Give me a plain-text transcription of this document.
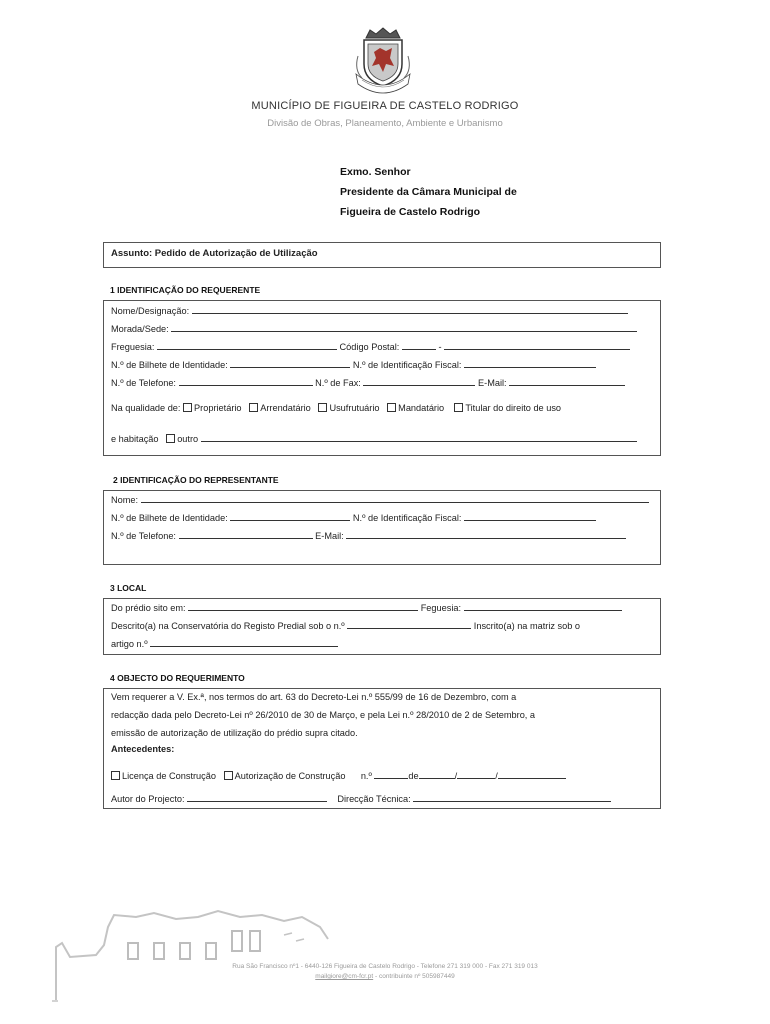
MUNICÍPIO DE FIGUEIRA DE CASTELO RODRIGO
Divisão de Obras, Planeamento, Ambiente e Urbanismo
Exmo. Senhor
Presidente da Câmara Municipal de
Figueira de Castelo Rodrigo
Assunto: Pedido de Autorização de Utilização
1 IDENTIFICAÇÃO DO REQUERENTE
Nome/Designação:
Morada/Sede:
Freguesia:	Código Postal:	-
N.º de Bilhete de Identidade:	N.º de Identificação Fiscal:
N.º de Telefone:	N.º de Fax:	E-Mail:
Na qualidade de: Proprietário Arrendatário Usufrutuário Mandatário Titular do direito de uso
e habitação outro
2 IDENTIFICAÇÃO DO REPRESENTANTE
Nome:
N.º de Bilhete de Identidade:	N.º de Identificação Fiscal:
N.º de Telefone:	E-Mail:
3 LOCAL
Do prédio sito em:	Feguesia:
Descrito(a) na Conservatória do Registo Predial sob o n.º	Inscrito(a) na matriz sob o
artigo n.º
4 OBJECTO DO REQUERIMENTO
Vem requerer a V. Ex.ª, nos termos do art. 63 do Decreto-Lei n.º 555/99 de 16 de Dezembro, com a
redacção dada pelo Decreto-Lei nº 26/2010 de 30 de Março, e pela Lei n.º 28/2010 de 2 de Setembro, a
emissão de autorização de utilização do prédio supra citado.
Antecedentes:
Licença de Construção Autorização de Construção n.º	de	/	/
Autor do Projecto:	Direcção Técnica:
Rua São Francisco nº1 - 6440-126 Figueira de Castelo Rodrigo - Telefone 271 319 000 - Fax 271 319 013
mailgiore@cm-fcr.pt - contribuinte nº 505987449
